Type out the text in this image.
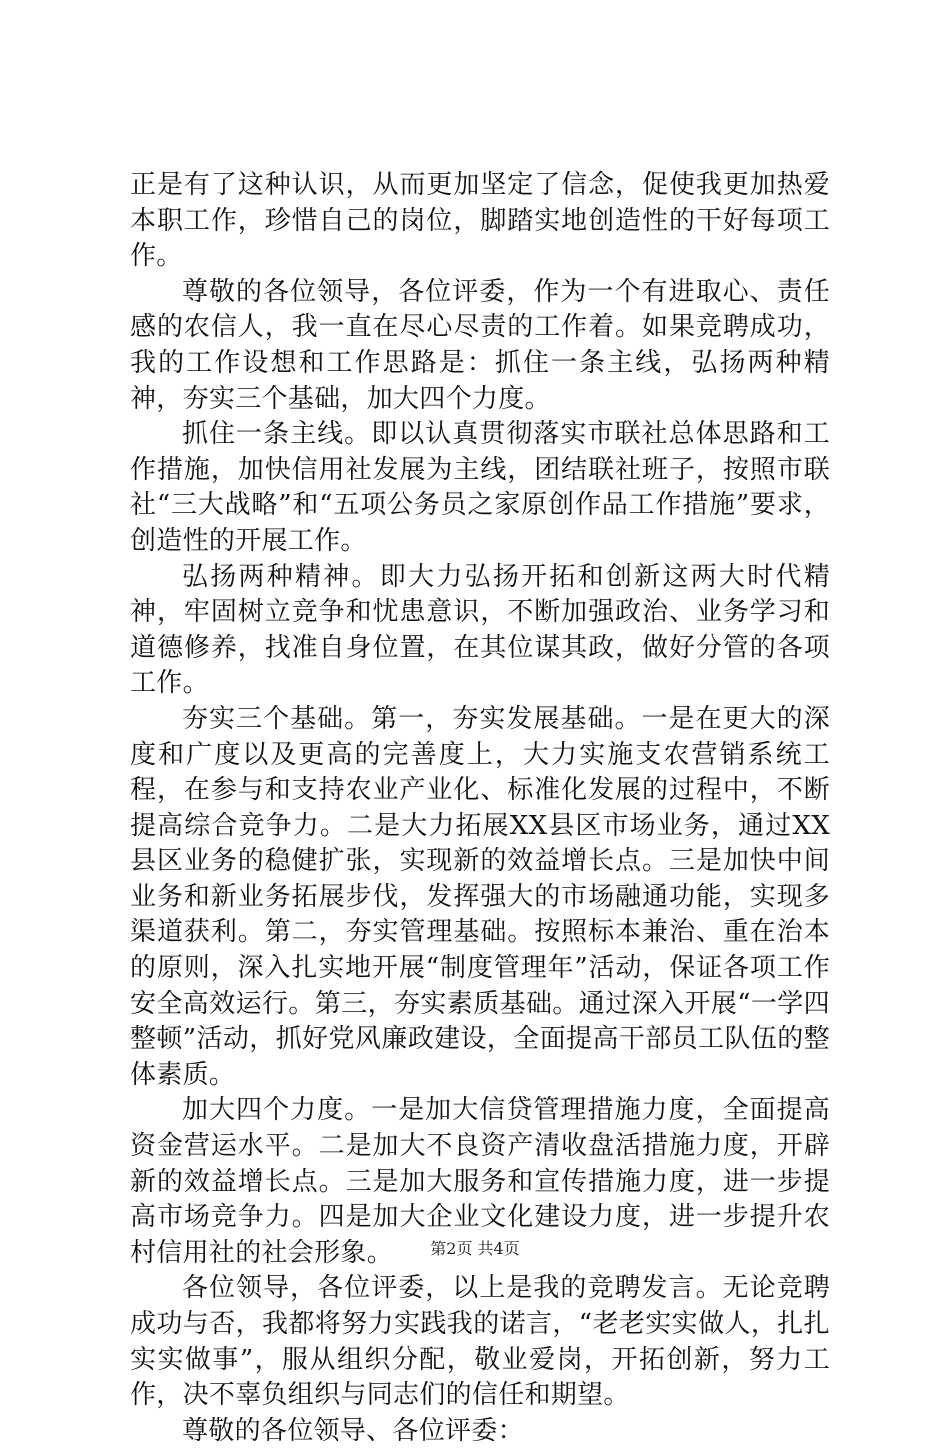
正是有了这种认识，从而更加坚定了信念，促使我更加热爱本职工作，珍惜自己的岗位，脚踏实地创造性的干好每项工作。

尊敬的各位领导，各位评委，作为一个有进取心、责任感的农信人，我一直在尽心尽责的工作着。如果竞聘成功，我的工作设想和工作思路是：抓住一条主线，弘扬两种精神，夯实三个基础，加大四个力度。

抓住一条主线。即以认真贯彻落实市联社总体思路和工作措施，加快信用社发展为主线，团结联社班子，按照市联社“三大战略”和“五项公务员之家原创作品工作措施”要求，创造性的开展工作。

弘扬两种精神。即大力弘扬开拓和创新这两大时代精神，牢固树立竞争和忧患意识，不断加强政治、业务学习和道德修养，找准自身位置，在其位谋其政，做好分管的各项工作。

夯实三个基础。第一，夯实发展基础。一是在更大的深度和广度以及更高的完善度上，大力实施支农营销系统工程，在参与和支持农业产业化、标准化发展的过程中，不断提高综合竞争力。二是大力拓展XX县区市场业务，通过XX县区业务的稳健扩张，实现新的效益增长点。三是加快中间业务和新业务拓展步伐，发挥强大的市场融通功能，实现多渠道获利。第二，夯实管理基础。按照标本兼治、重在治本的原则，深入扎实地开展“制度管理年”活动，保证各项工作安全高效运行。第三，夯实素质基础。通过深入开展“一学四整顿”活动，抓好党风廉政建设，全面提高干部员工队伍的整体素质。

加大四个力度。一是加大信贷管理措施力度，全面提高资金营运水平。二是加大不良资产清收盘活措施力度，开辟新的效益增长点。三是加大服务和宣传措施力度，进一步提高市场竞争力。四是加大企业文化建设力度，进一步提升农村信用社的社会形象。

各位领导，各位评委，以上是我的竞聘发言。无论竞聘成功与否，我都将努力实践我的诺言，“老老实实做人，扎扎实实做事”，服从组织分配，敬业爱岗，开拓创新，努力工作，决不辜负组织与同志们的信任和期望。

尊敬的各位领导、各位评委：

第2页 共4页
